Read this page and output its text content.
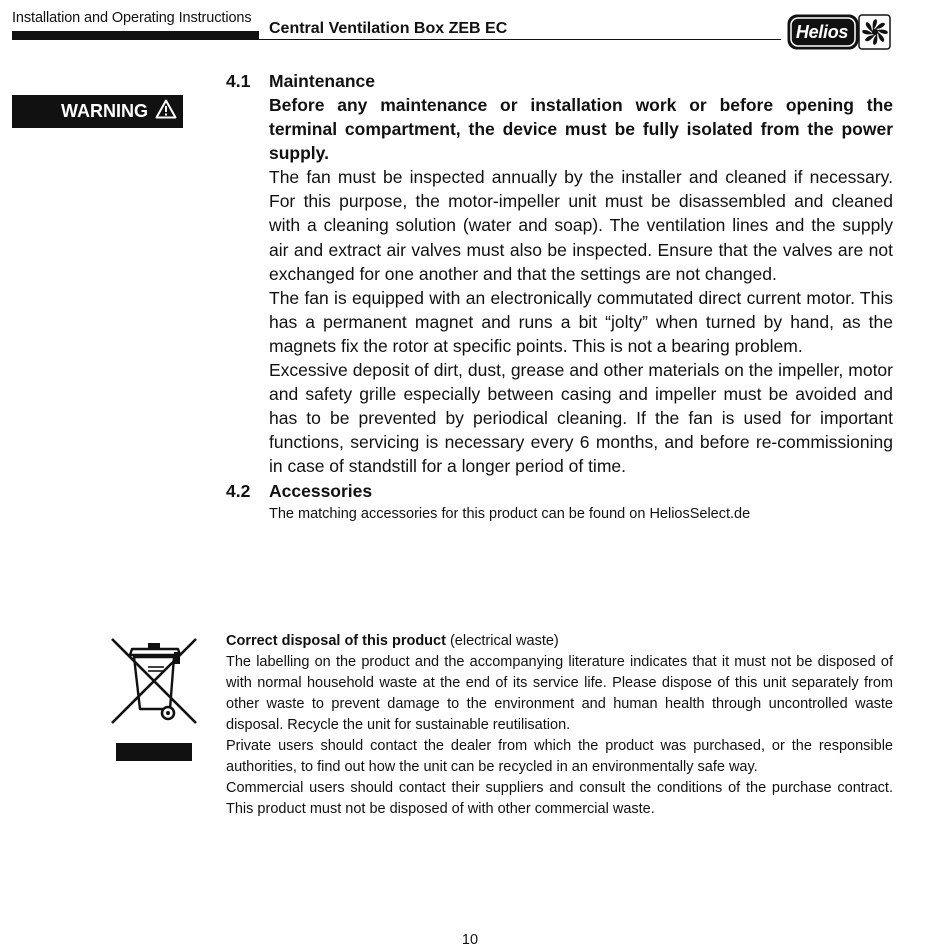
Installation and Operating Instructions
Central Ventilation Box ZEB EC	Helios
WARNING
4.1 Maintenance

Before any maintenance or installation work or before opening the terminal compartment, the device must be fully isolated from the power supply.

The fan must be inspected annually by the installer and cleaned if necessary. For this purpose, the motor-impeller unit must be disassembled and cleaned with a cleaning solution (water and soap). The ventilation lines and the supply air and extract air valves must also be inspected. Ensure that the valves are not exchanged for one another and that the settings are not changed.

The fan is equipped with an electronically commutated direct current motor. This has a permanent magnet and runs a bit “jolty” when turned by hand, as the magnets fix the rotor at specific points. This is not a bearing problem.

Excessive deposit of dirt, dust, grease and other materials on the impeller, motor and safety grille especially between casing and impeller must be avoided and has to be prevented by periodical cleaning. If the fan is used for important functions, servicing is necessary every 6 months, and before re-commissioning in case of standstill for a longer period of time.

4.2 Accessories
The matching accessories for this product can be found on HeliosSelect.de

Correct disposal of this product (electrical waste)

The labelling on the product and the accompanying literature indicates that it must not be disposed of with normal household waste at the end of its service life. Please dispose of this unit separately from other waste to prevent damage to the environment and human health through uncontrolled waste disposal. Recycle the unit for sustainable reutilisation.

Private users should contact the dealer from which the product was purchased, or the responsible authorities, to find out how the unit can be recycled in an environmentally safe way.

Commercial users should contact their suppliers and consult the conditions of the purchase contract. This product must not be disposed of with other commercial waste.

10
